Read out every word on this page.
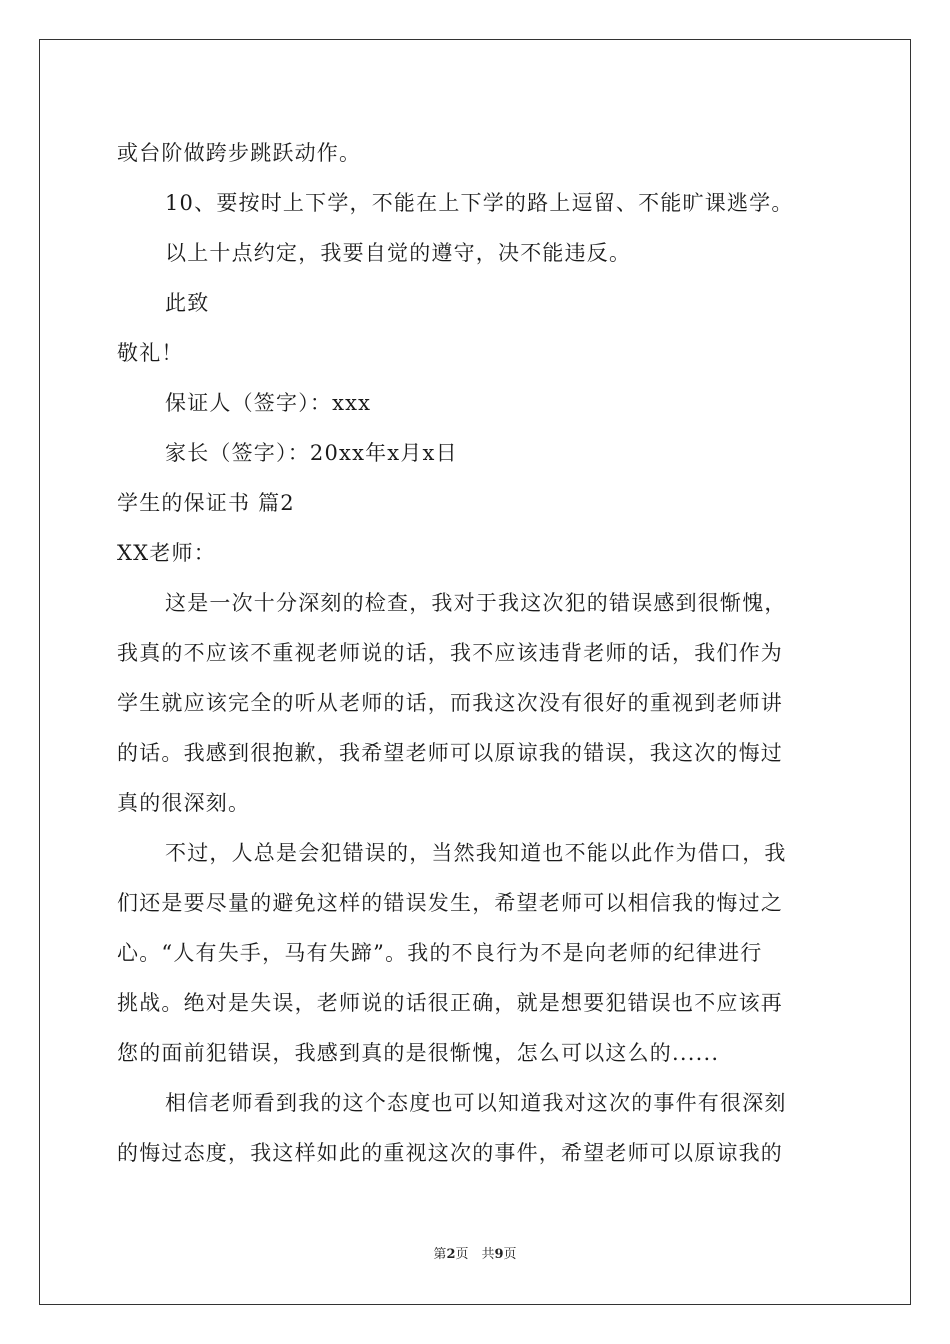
或台阶做跨步跳跃动作。
10、要按时上下学，不能在上下学的路上逗留、不能旷课逃学。
以上十点约定，我要自觉的遵守，决不能违反。
此致
敬礼！
保证人（签字）：xxx
家长（签字）：20xx年x月x日
学生的保证书 篇2
XX老师：
这是一次十分深刻的检查，我对于我这次犯的错误感到很惭愧，
我真的不应该不重视老师说的话，我不应该违背老师的话，我们作为
学生就应该完全的听从老师的话，而我这次没有很好的重视到老师讲
的话。我感到很抱歉，我希望老师可以原谅我的错误，我这次的悔过
真的很深刻。
不过，人总是会犯错误的，当然我知道也不能以此作为借口，我
们还是要尽量的避免这样的错误发生，希望老师可以相信我的悔过之
心。“人有失手，马有失蹄”。我的不良行为不是向老师的纪律进行
挑战。绝对是失误，老师说的话很正确，就是想要犯错误也不应该再
您的面前犯错误，我感到真的是很惭愧，怎么可以这么的......
相信老师看到我的这个态度也可以知道我对这次的事件有很深刻
的悔过态度，我这样如此的重视这次的事件，希望老师可以原谅我的
第2页　共9页
